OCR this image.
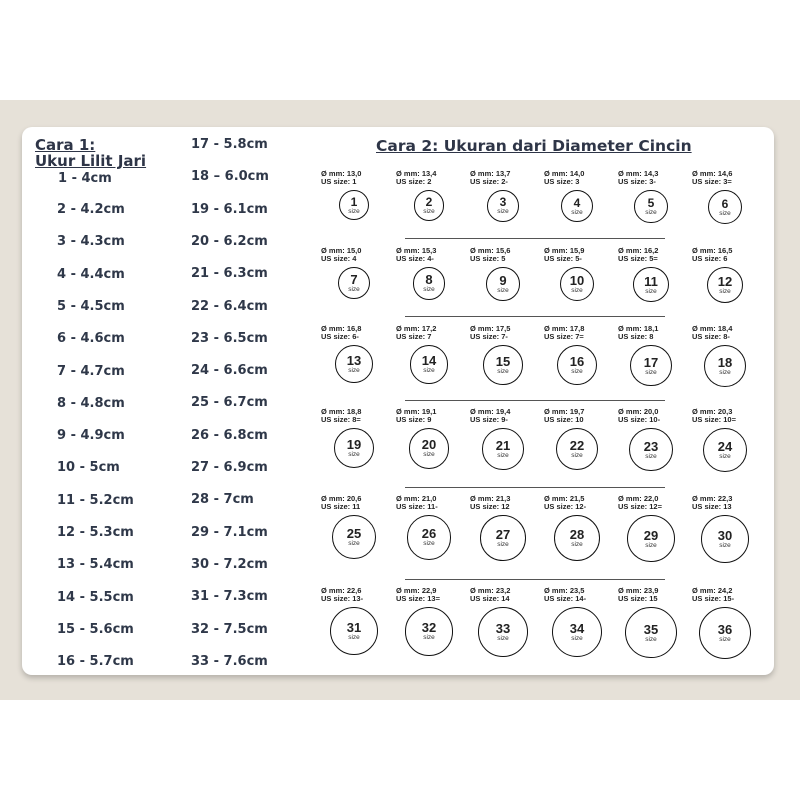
Cara 1:
Ukur Lilit Jari
1 - 4cm
2 - 4.2cm
3 - 4.3cm
4 - 4.4cm
5 - 4.5cm
6 - 4.6cm
7 - 4.7cm
8 - 4.8cm
9 - 4.9cm
10 - 5cm
11 - 5.2cm
12 - 5.3cm
13 - 5.4cm
14 - 5.5cm
15 - 5.6cm
16 - 5.7cm
17 - 5.8cm
18 – 6.0cm
19 - 6.1cm
20 - 6.2cm
21 - 6.3cm
22 - 6.4cm
23 - 6.5cm
24 - 6.6cm
25 - 6.7cm
26 - 6.8cm
27 - 6.9cm
28 - 7cm
29 - 7.1cm
30 - 7.2cm
31 - 7.3cm
32 - 7.5cm
33 - 7.6cm
Cara 2: Ukuran dari Diameter Cincin
Ø mm: 13,0
US size: 1
1
size
Ø mm: 13,4
US size: 2
2
size
Ø mm: 13,7
US size: 2-
3
size
Ø mm: 14,0
US size: 3
4
size
Ø mm: 14,3
US size: 3-
5
size
Ø mm: 14,6
US size: 3=
6
size
Ø mm: 15,0
US size: 4
7
size
Ø mm: 15,3
US size: 4-
8
size
Ø mm: 15,6
US size: 5
9
size
Ø mm: 15,9
US size: 5-
10
size
Ø mm: 16,2
US size: 5=
11
size
Ø mm: 16,5
US size: 6
12
size
Ø mm: 16,8
US size: 6-
13
size
Ø mm: 17,2
US size: 7
14
size
Ø mm: 17,5
US size: 7-
15
size
Ø mm: 17,8
US size: 7=
16
size
Ø mm: 18,1
US size: 8
17
size
Ø mm: 18,4
US size: 8-
18
size
Ø mm: 18,8
US size: 8=
19
size
Ø mm: 19,1
US size: 9
20
size
Ø mm: 19,4
US size: 9-
21
size
Ø mm: 19,7
US size: 10
22
size
Ø mm: 20,0
US size: 10-
23
size
Ø mm: 20,3
US size: 10=
24
size
Ø mm: 20,6
US size: 11
25
size
Ø mm: 21,0
US size: 11-
26
size
Ø mm: 21,3
US size: 12
27
size
Ø mm: 21,5
US size: 12-
28
size
Ø mm: 22,0
US size: 12=
29
size
Ø mm: 22,3
US size: 13
30
size
Ø mm: 22,6
US size: 13-
31
size
Ø mm: 22,9
US size: 13=
32
size
Ø mm: 23,2
US size: 14
33
size
Ø mm: 23,5
US size: 14-
34
size
Ø mm: 23,9
US size: 15
35
size
Ø mm: 24,2
US size: 15-
36
size
